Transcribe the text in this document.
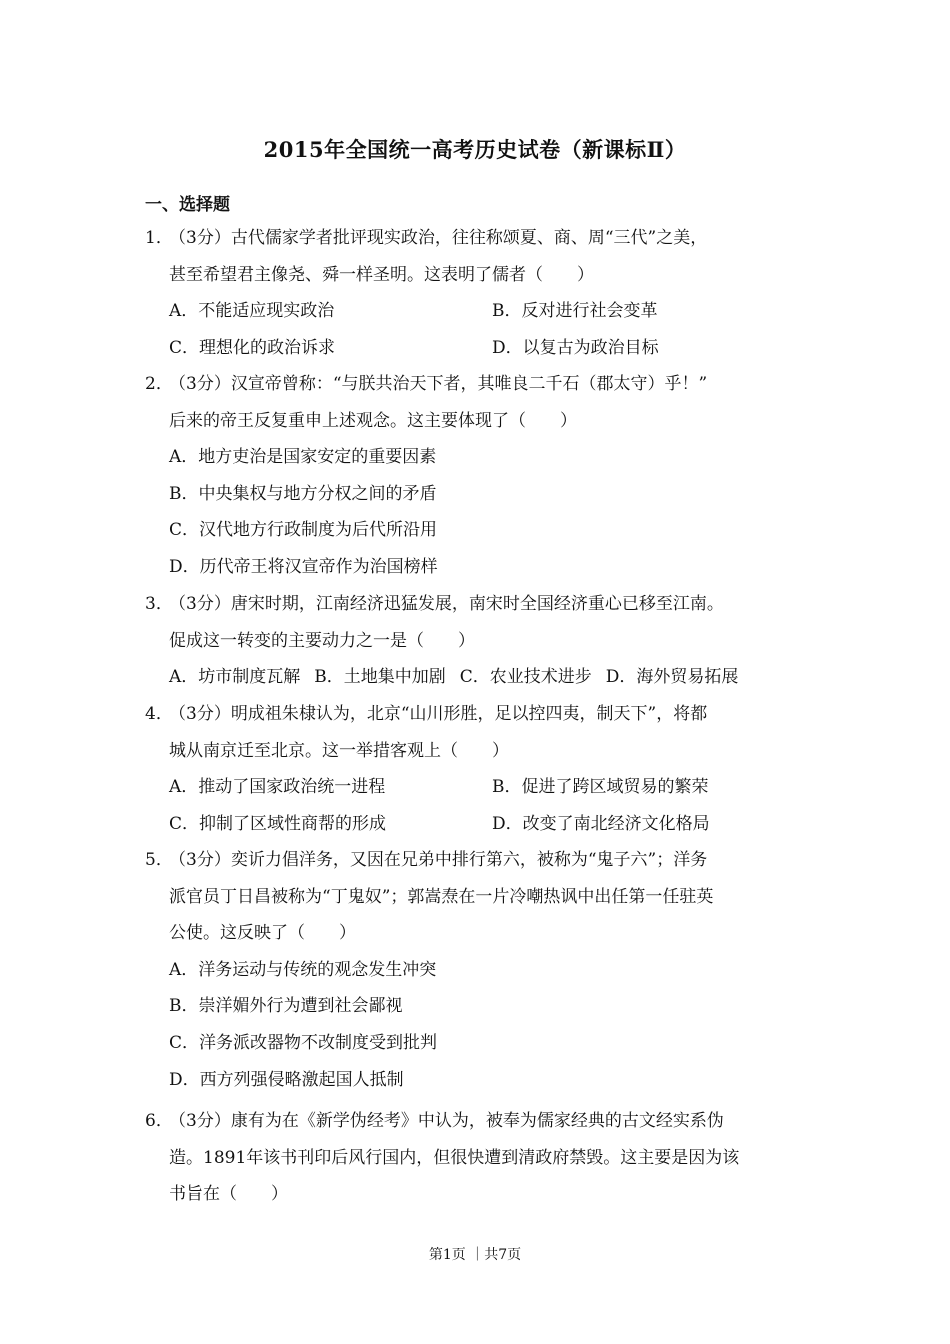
2015年全国统一高考历史试卷（新课标Ⅱ）
一、选择题
1．（3分）古代儒家学者批评现实政治，往往称颂夏、商、周“三代”之美，
甚至希望君主像尧、舜一样圣明。这表明了儒者（　　）
A．不能适应现实政治	B．反对进行社会变革
C．理想化的政治诉求	D．以复古为政治目标
2．（3分）汉宣帝曾称：“与朕共治天下者，其唯良二千石（郡太守）乎！”
后来的帝王反复重申上述观念。这主要体现了（　　）
A．地方吏治是国家安定的重要因素
B．中央集权与地方分权之间的矛盾
C．汉代地方行政制度为后代所沿用
D．历代帝王将汉宣帝作为治国榜样
3．（3分）唐宋时期，江南经济迅猛发展，南宋时全国经济重心已移至江南。
促成这一转变的主要动力之一是（　　）
A．坊市制度瓦解 B．土地集中加剧 C．农业技术进步 D．海外贸易拓展
4．（3分）明成祖朱棣认为，北京“山川形胜，足以控四夷，制天下”，将都
城从南京迁至北京。这一举措客观上（　　）
A．推动了国家政治统一进程	B．促进了跨区域贸易的繁荣
C．抑制了区域性商帮的形成	D．改变了南北经济文化格局
5．（3分）奕䜣力倡洋务，又因在兄弟中排行第六，被称为“鬼子六”；洋务
派官员丁日昌被称为“丁鬼奴”；郭嵩焘在一片冷嘲热讽中出任第一任驻英
公使。这反映了（　　）
A．洋务运动与传统的观念发生冲突
B．崇洋媚外行为遭到社会鄙视
C．洋务派改器物不改制度受到批判
D．西方列强侵略激起国人抵制
6．（3分）康有为在《新学伪经考》中认为，被奉为儒家经典的古文经实系伪
造。1891年该书刊印后风行国内，但很快遭到清政府禁毁。这主要是因为该
书旨在（　　）
第1页 ｜共7页
